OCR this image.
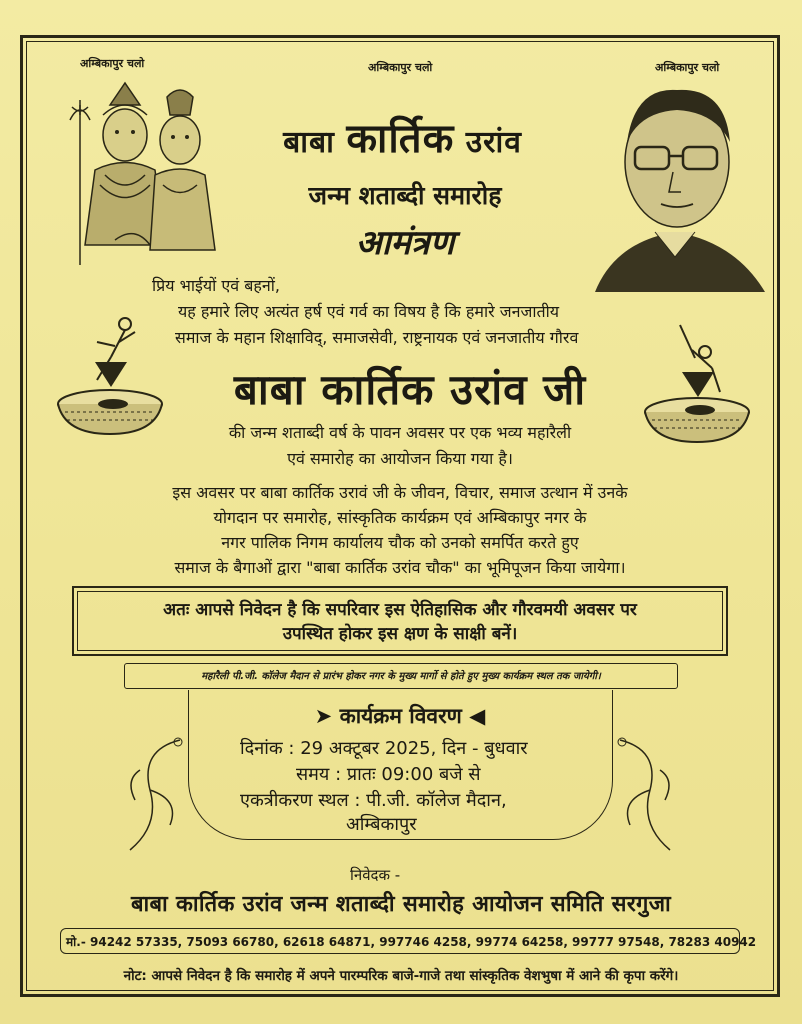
अम्बिकापुर चलो	अम्बिकापुर चलो	अम्बिकापुर चलो
बाबा कार्तिक उरांव
जन्म शताब्दी समारोह
आमंत्रण
प्रिय भाईयों एवं बहनों,
यह हमारे लिए अत्यंत हर्ष एवं गर्व का विषय है कि हमारे जनजातीय
समाज के महान शिक्षाविद्, समाजसेवी, राष्ट्रनायक एवं जनजातीय गौरव
बाबा कार्तिक उरांव जी
की जन्म शताब्दी वर्ष के पावन अवसर पर एक भव्य महारैली
एवं समारोह का आयोजन किया गया है।
इस अवसर पर बाबा कार्तिक उरावं जी के जीवन, विचार, समाज उत्थान में उनके
योगदान पर समारोह, सांस्कृतिक कार्यक्रम एवं अम्बिकापुर नगर के
नगर पालिक निगम कार्यालय चौक को उनको समर्पित करते हुए
समाज के बैगाओं द्वारा "बाबा कार्तिक उरांव चौक" का भूमिपूजन किया जायेगा।
अतः आपसे निवेदन है कि सपरिवार इस ऐतिहासिक और गौरवमयी अवसर पर
उपस्थित होकर इस क्षण के साक्षी बनें।
महारैली पी.जी. कॉलेज मैदान से प्रारंभ होकर नगर के मुख्य मार्गो से होते हुए मुख्य कार्यक्रम स्थल तक जायेगी।
➤ कार्यक्रम विवरण ◀
दिनांक : 29 अक्टूबर 2025, दिन - बुधवार
समय : प्रातः 09:00 बजे से
एकत्रीकरण स्थल : पी.जी. कॉलेज मैदान,
अम्बिकापुर
निवेदक -
बाबा कार्तिक उरांव जन्म शताब्दी समारोह आयोजन समिति सरगुजा
मो.- 94242 57335, 75093 66780, 62618 64871, 997746 4258, 99774 64258, 99777 97548, 78283 40942
नोट: आपसे निवेदन है कि समारोह में अपने पारम्परिक बाजे-गाजे तथा सांस्कृतिक वेशभुषा में आने की कृपा करेंगे।
